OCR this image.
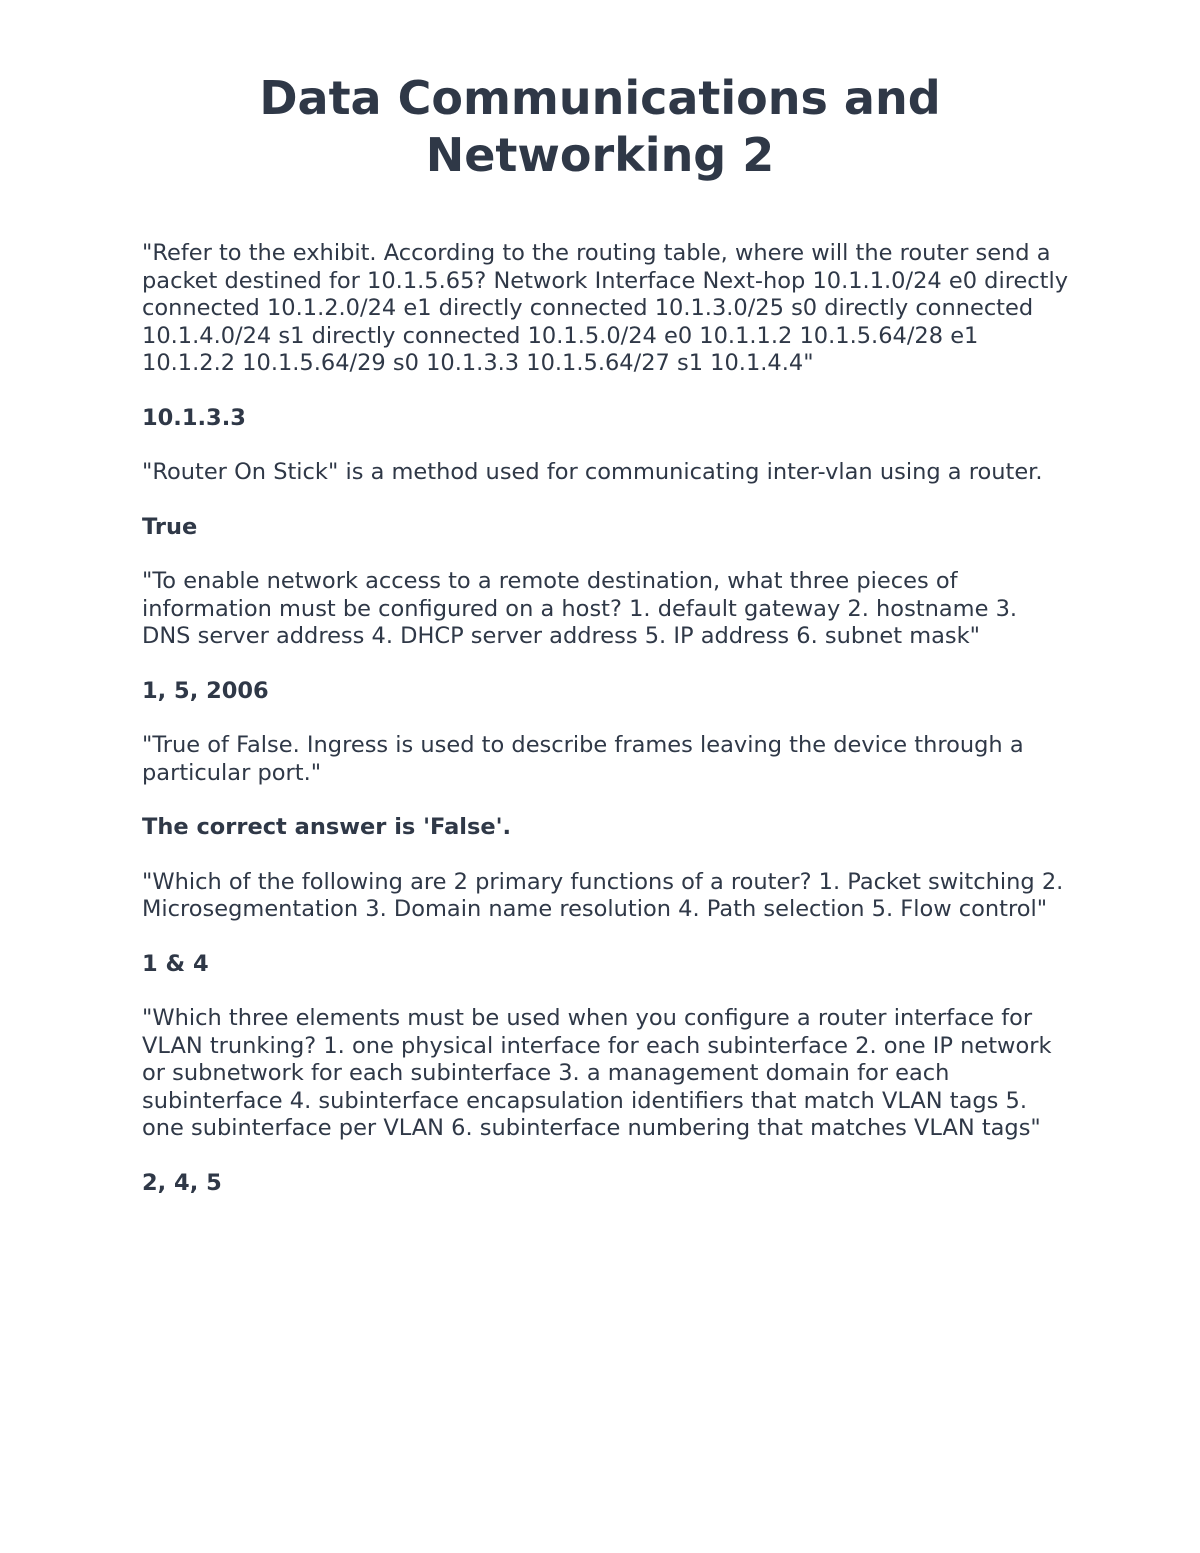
Data Communications and Networking 2

"Refer to the exhibit. According to the routing table, where will the router send a packet destined for 10.1.5.65? Network Interface Next-hop 10.1.1.0/24 e0 directly connected 10.1.2.0/24 e1 directly connected 10.1.3.0/25 s0 directly connected 10.1.4.0/24 s1 directly connected 10.1.5.0/24 e0 10.1.1.2 10.1.5.64/28 e1 10.1.2.2 10.1.5.64/29 s0 10.1.3.3 10.1.5.64/27 s1 10.1.4.4"

10.1.3.3

"Router On Stick" is a method used for communicating inter-vlan using a router.

True

"To enable network access to a remote destination, what three pieces of information must be configured on a host? 1. default gateway 2. hostname 3. DNS server address 4. DHCP server address 5. IP address 6. subnet mask"

1, 5, 2006

"True of False. Ingress is used to describe frames leaving the device through a particular port."

The correct answer is 'False'.

"Which of the following are 2 primary functions of a router? 1. Packet switching 2. Microsegmentation 3. Domain name resolution 4. Path selection 5. Flow control"

1 & 4

"Which three elements must be used when you configure a router interface for VLAN trunking? 1. one physical interface for each subinterface 2. one IP network or subnetwork for each subinterface 3. a management domain for each subinterface 4. subinterface encapsulation identifiers that match VLAN tags 5. one subinterface per VLAN 6. subinterface numbering that matches VLAN tags"

2, 4, 5
